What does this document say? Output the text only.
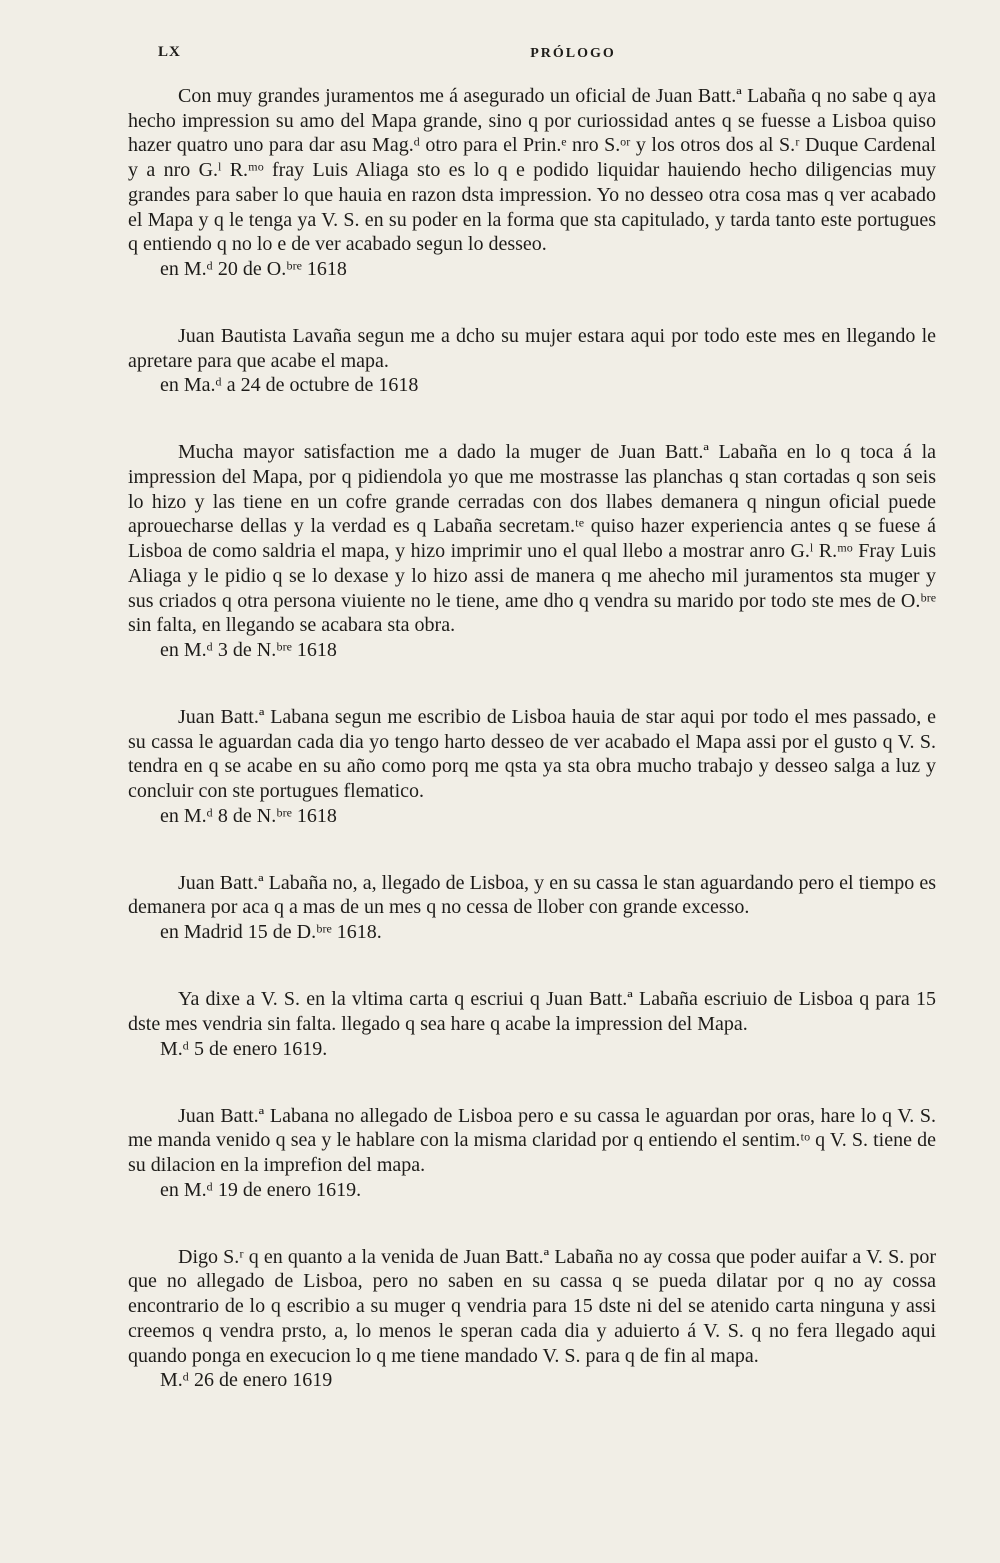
LX	PRÓLOGO

Con muy grandes juramentos me á asegurado un oficial de Juan Batt.ª Labaña q no sabe q aya hecho impression su amo del Mapa grande, sino q por curiossidad antes q se fuesse a Lisboa quiso hazer quatro uno para dar asu Mag.ᵈ otro para el Prin.ᵉ nro S.ᵒʳ y los otros dos al S.ʳ Duque Cardenal y a nro G.ˡ R.ᵐᵒ fray Luis Aliaga sto es lo q e podido liquidar hauiendo hecho diligencias muy grandes para saber lo que hauia en razon dsta impression. Yo no desseo otra cosa mas q ver acabado el Mapa y q le tenga ya V. S. en su poder en la forma que sta capitulado, y tarda tanto este portugues q entiendo q no lo e de ver acabado segun lo desseo.

en M.ᵈ 20 de O.ᵇʳᵉ 1618

Juan Bautista Lavaña segun me a dcho su mujer estara aqui por todo este mes en llegando le apretare para que acabe el mapa.

en Ma.ᵈ a 24 de octubre de 1618

Mucha mayor satisfaction me a dado la muger de Juan Batt.ª Labaña en lo q toca á la impression del Mapa, por q pidiendola yo que me mostrasse las planchas q stan cortadas q son seis lo hizo y las tiene en un cofre grande cerradas con dos llabes demanera q ningun oficial puede aprouecharse dellas y la verdad es q Labaña secretam.ᵗᵉ quiso hazer experiencia antes q se fuese á Lisboa de como saldria el mapa, y hizo imprimir uno el qual llebo a mostrar anro G.ˡ R.ᵐᵒ Fray Luis Aliaga y le pidio q se lo dexase y lo hizo assi de manera q me ahecho mil juramentos sta muger y sus criados q otra persona viuiente no le tiene, ame dho q vendra su marido por todo ste mes de O.ᵇʳᵉ sin falta, en llegando se acabara sta obra.

en M.ᵈ 3 de N.ᵇʳᵉ 1618

Juan Batt.ª Labana segun me escribio de Lisboa hauia de star aqui por todo el mes passado, e su cassa le aguardan cada dia yo tengo harto desseo de ver acabado el Mapa assi por el gusto q V. S. tendra en q se acabe en su año como porq me qsta ya sta obra mucho trabajo y desseo salga a luz y concluir con ste portugues flematico.

en M.ᵈ 8 de N.ᵇʳᵉ 1618

Juan Batt.ª Labaña no, a, llegado de Lisboa, y en su cassa le stan aguardando pero el tiempo es demanera por aca q a mas de un mes q no cessa de llober con grande excesso.

en Madrid 15 de D.ᵇʳᵉ 1618.

Ya dixe a V. S. en la vltima carta q escriui q Juan Batt.ª Labaña escriuio de Lisboa q para 15 dste mes vendria sin falta. llegado q sea hare q acabe la impression del Mapa.

M.ᵈ 5 de enero 1619.

Juan Batt.ª Labana no allegado de Lisboa pero e su cassa le aguardan por oras, hare lo q V. S. me manda venido q sea y le hablare con la misma claridad por q entiendo el sentim.ᵗᵒ q V. S. tiene de su dilacion en la imprefion del mapa.

en M.ᵈ 19 de enero 1619.

Digo S.ʳ q en quanto a la venida de Juan Batt.ª Labaña no ay cossa que poder auifar a V. S. por que no allegado de Lisboa, pero no saben en su cassa q se pueda dilatar por q no ay cossa encontrario de lo q escribio a su muger q vendria para 15 dste ni del se atenido carta ninguna y assi creemos q vendra prsto, a, lo menos le speran cada dia y aduierto á V. S. q no fera llegado aqui quando ponga en execucion lo q me tiene mandado V. S. para q de fin al mapa.

M.ᵈ 26 de enero 1619
